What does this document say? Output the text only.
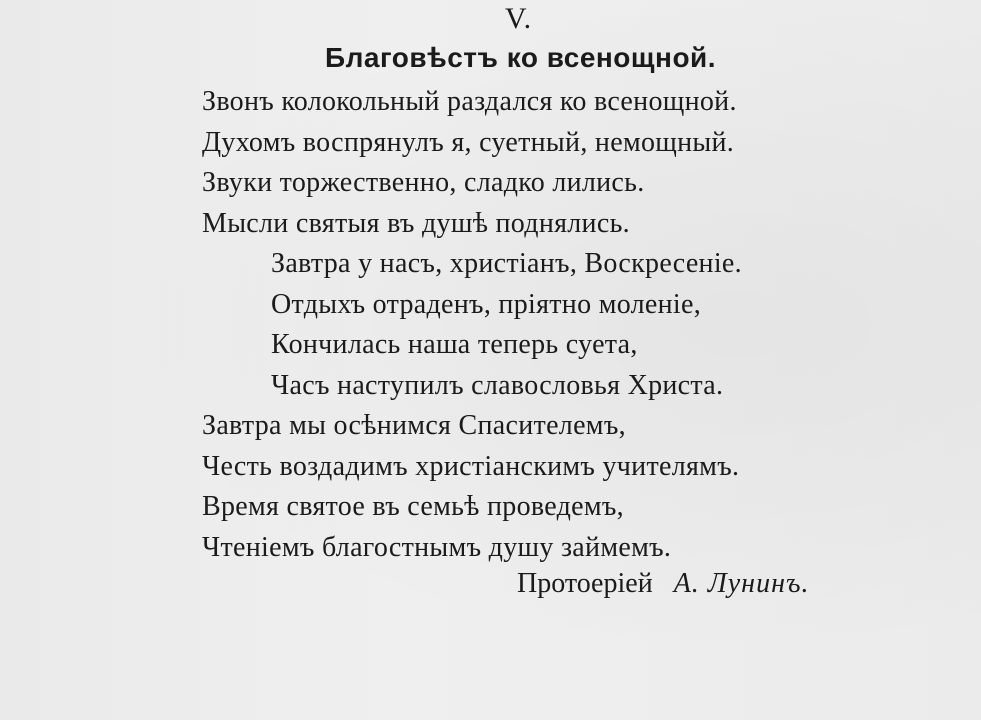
V.
Благовѣстъ ко всенощной.
Звонъ колокольный раздался ко всенощной.
Духомъ воспрянулъ я, суетный, немощный.
Звуки торжественно, сладко лились.
Мысли святыя въ душѣ поднялись.
Завтра у насъ, христіанъ, Воскресеніе.
Отдыхъ отраденъ, пріятно моленіе,
Кончилась наша теперь суета,
Часъ наступилъ славословья Христа.
Завтра мы осѣнимся Спасителемъ,
Честь воздадимъ христіанскимъ учителямъ.
Время святое въ семьѣ проведемъ,
Чтеніемъ благостнымъ душу займемъ.
Протоерiей А. Лунинъ.
